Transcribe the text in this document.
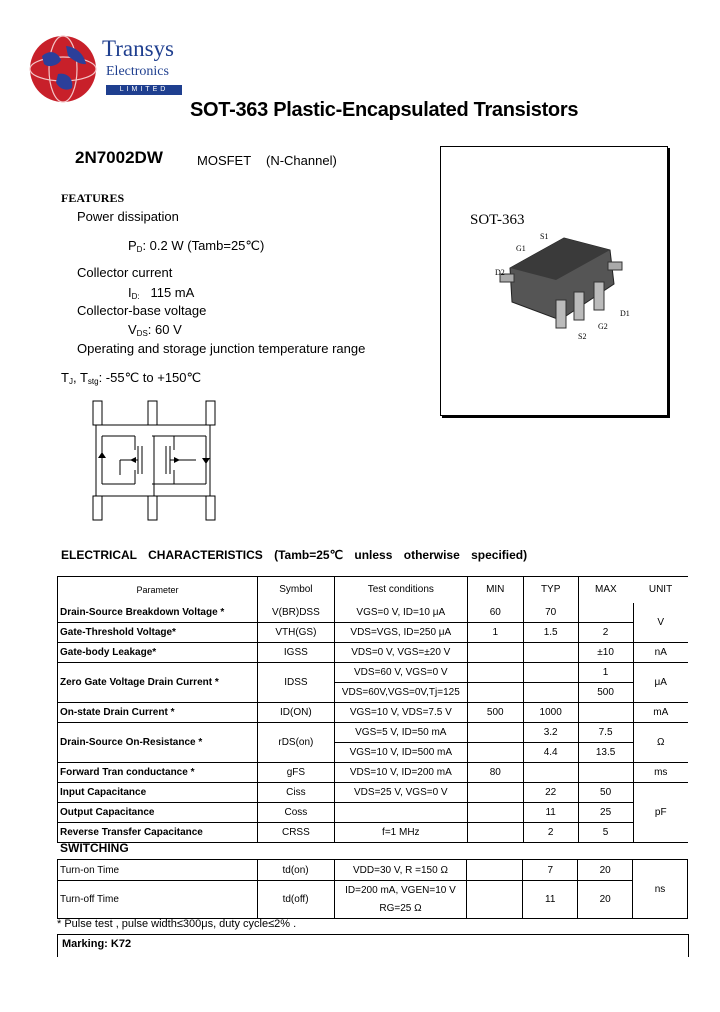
Transys
Electronics
LIMITED
SOT-363 Plastic-Encapsulated Transistors
2N7002DW	MOSFET (N-Channel)
FEATURES
Power dissipation
$P_D$: 0.2 W (Tamb=25℃)
Collector current
$I_{D:}$ 115 mA
Collector-base voltage
$V_{DS}$: 60 V
Operating and storage junction temperature range
$T_J$, $T_{stg}$: -55℃ to +150℃
SOT-363
S1
G1
D2
D1
G2
S2
ELECTRICAL CHARACTERISTICS (Tamb=25℃ unless otherwise specified)
Parameter	Symbol	Test conditions	MIN	TYP	MAX	UNIT
Drain-Source Breakdown Voltage *	V(BR)DSS	VGS=0 V, ID=10 μA	60	70		V
Gate-Threshold Voltage*	VTH(GS)	VDS=VGS, ID=250 μA	1	1.5	2	
Gate-body Leakage*	IGSS	VDS=0 V, VGS=±20 V			±10	nA
Zero Gate Voltage Drain Current *	IDSS	VDS=60 V, VGS=0 V			1	μA
		VDS=60V,VGS=0V,Tj=125			500	
On-state Drain Current *	ID(ON)	VGS=10 V, VDS=7.5 V	500	1000		mA
Drain-Source On-Resistance *	rDS(on)	VGS=5 V, ID=50 mA		3.2	7.5	Ω
		VGS=10 V, ID=500 mA		4.4	13.5	
Forward Tran conductance *	gFS	VDS=10 V, ID=200 mA	80			ms
Input Capacitance	Ciss	VDS=25 V, VGS=0 V		22	50	pF
Output Capacitance	Coss			11	25	
Reverse Transfer Capacitance	CRSS	f=1 MHz		2	5	
SWITCHING
Turn-on Time	td(on)	VDD=30 V, R =150 Ω		7	20	ns
Turn-off Time	td(off)	ID=200 mA, VGEN=10 V		11	20	
		RG=25 Ω				
* Pulse test , pulse width≤300μs, duty cycle≤2% .
Marking: K72
